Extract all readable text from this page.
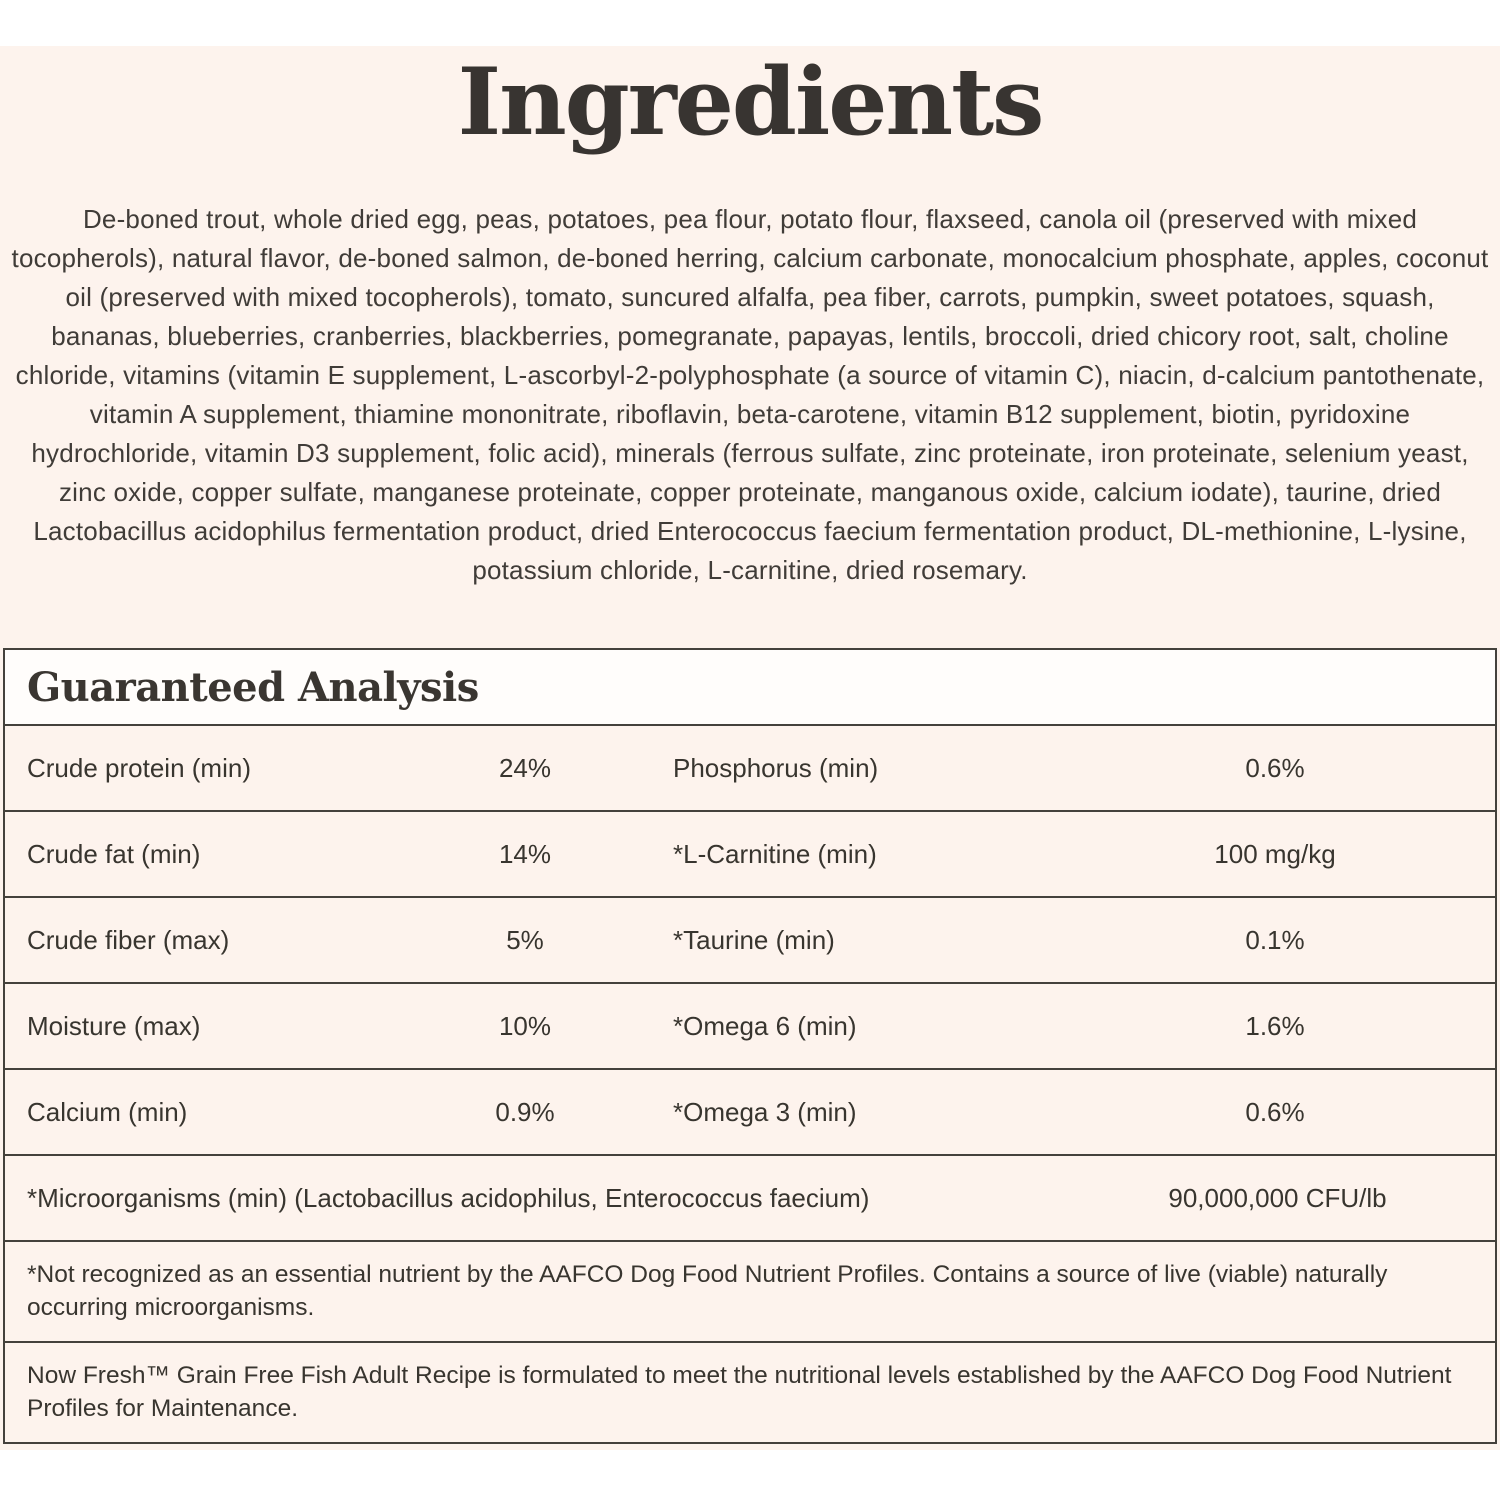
Ingredients

De-boned trout, whole dried egg, peas, potatoes, pea flour, potato flour, flaxseed, canola oil (preserved with mixed tocopherols), natural flavor, de-boned salmon, de-boned herring, calcium carbonate, monocalcium phosphate, apples, coconut oil (preserved with mixed tocopherols), tomato, suncured alfalfa, pea fiber, carrots, pumpkin, sweet potatoes, squash, bananas, blueberries, cranberries, blackberries, pomegranate, papayas, lentils, broccoli, dried chicory root, salt, choline chloride, vitamins (vitamin E supplement, L-ascorbyl-2-polyphosphate (a source of vitamin C), niacin, d-calcium pantothenate, vitamin A supplement, thiamine mononitrate, riboflavin, beta-carotene, vitamin B12 supplement, biotin, pyridoxine hydrochloride, vitamin D3 supplement, folic acid), minerals (ferrous sulfate, zinc proteinate, iron proteinate, selenium yeast, zinc oxide, copper sulfate, manganese proteinate, copper proteinate, manganous oxide, calcium iodate), taurine, dried Lactobacillus acidophilus fermentation product, dried Enterococcus faecium fermentation product, DL-methionine, L-lysine, potassium chloride, L-carnitine, dried rosemary.

Guaranteed Analysis
Crude protein (min)	24%	Phosphorus (min)	0.6%
Crude fat (min)	14%	*L-Carnitine (min)	100 mg/kg
Crude fiber (max)	5%	*Taurine (min)	0.1%
Moisture (max)	10%	*Omega 6 (min)	1.6%
Calcium (min)	0.9%	*Omega 3 (min)	0.6%
*Microorganisms (min) (Lactobacillus acidophilus, Enterococcus faecium)	90,000,000 CFU/lb
*Not recognized as an essential nutrient by the AAFCO Dog Food Nutrient Profiles. Contains a source of live (viable) naturally occurring microorganisms.
Now Fresh™ Grain Free Fish Adult Recipe is formulated to meet the nutritional levels established by the AAFCO Dog Food Nutrient Profiles for Maintenance.
